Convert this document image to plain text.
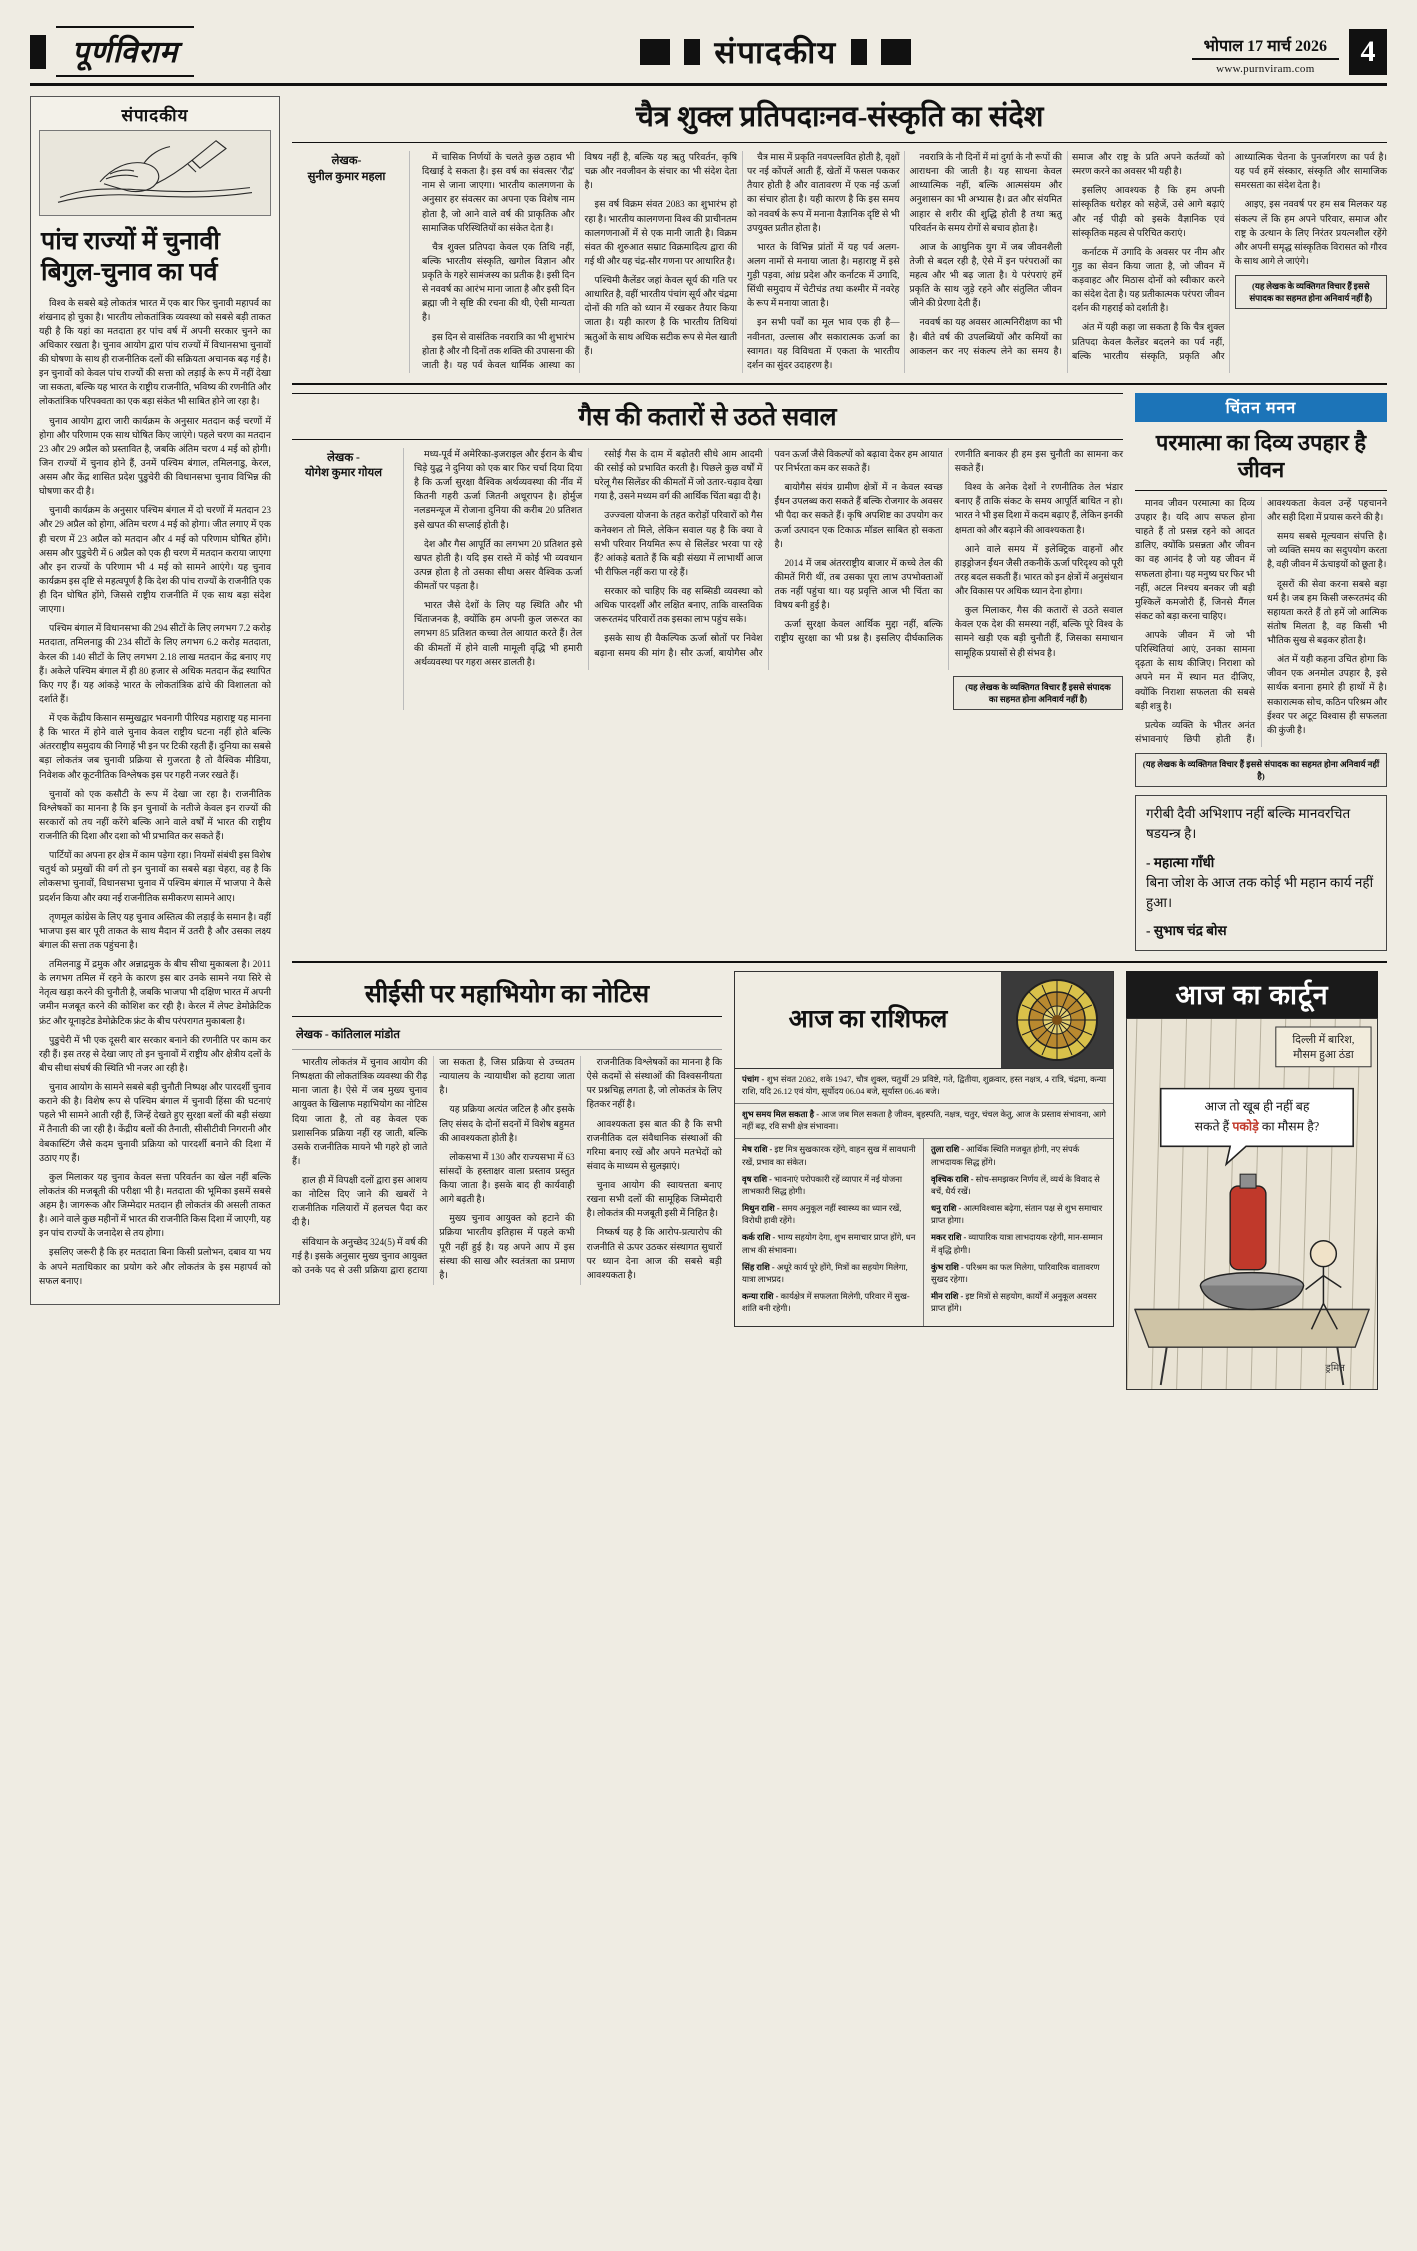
पूर्णविराम	संपादकीय	भोपाल 17 मार्च 2026
www.purnviram.com
4
संपादकीय
पांच राज्यों में चुनावी बिगुल-चुनाव का पर्व

विश्व के सबसे बड़े लोकतंत्र भारत में एक बार फिर चुनावी महापर्व का शंखनाद हो चुका है। भारतीय लोकतांत्रिक व्यवस्था को सबसे बड़ी ताकत यही है कि यहां का मतदाता हर पांच वर्ष में अपनी सरकार चुनने का अधिकार रखता है। चुनाव आयोग द्वारा पांच राज्यों में विधानसभा चुनावों की घोषणा के साथ ही राजनीतिक दलों की सक्रियता अचानक बढ़ गई है। इन चुनावों को केवल पांच राज्यों की सत्ता को लड़ाई के रूप में नहीं देखा जा सकता, बल्कि यह भारत के राष्ट्रीय राजनीति, भविष्य की रणनीति और लोकतांत्रिक परिपक्वता का एक बड़ा संकेत भी साबित होने जा रहा है।

चुनाव आयोग द्वारा जारी कार्यक्रम के अनुसार मतदान कई चरणों में होगा और परिणाम एक साथ घोषित किए जाएंगे। पहले चरण का मतदान 23 और 29 अप्रैल को प्रस्तावित है, जबकि अंतिम चरण 4 मई को होगी। जिन राज्यों में चुनाव होने हैं, उनमें पश्चिम बंगाल, तमिलनाडु, केरल, असम और केंद्र शासित प्रदेश पुडुचेरी की विधानसभा चुनाव विभिन्न की घोषणा कर दी है।

चुनावी कार्यक्रम के अनुसार पश्चिम बंगाल में दो चरणों में मतदान 23 और 29 अप्रैल को होगा, अंतिम चरण 4 मई को होगा। जीत लगाए में एक ही चरण में 23 अप्रैल को मतदान और 4 मई को परिणाम घोषित होंगे। असम और पुडुचेरी में 6 अप्रैल को एक ही चरण में मतदान कराया जाएगा और इन राज्यों के परिणाम भी 4 मई को सामने आएंगे। यह चुनाव कार्यक्रम इस दृष्टि से महत्वपूर्ण है कि देश की पांच राज्यों के राजनीति एक ही दिन घोषित होंगे, जिससे राष्ट्रीय राजनीति में एक साथ बड़ा संदेश जाएगा।

पश्चिम बंगाल में विधानसभा की 294 सीटों के लिए लगभग 7.2 करोड़ मतदाता, तमिलनाडु की 234 सीटों के लिए लगभग 6.2 करोड़ मतदाता, केरल की 140 सीटों के लिए लगभग 2.18 लाख मतदान केंद्र बनाए गए हैं। अकेले पश्चिम बंगाल में ही 80 हजार से अधिक मतदान केंद्र स्थापित किए गए हैं। यह आंकड़े भारत के लोकतांत्रिक ढांचे की विशालता को दर्शाते हैं।

में एक केंद्रीय किसान सम्मुखद्वार भवनागी पीरियड महाराष्ट्र यह मानना है कि भारत में होने वाले चुनाव केवल राष्ट्रीय घटना नहीं होते बल्कि अंतरराष्ट्रीय समुदाय की निगाहें भी इन पर टिकी रहती हैं। दुनिया का सबसे बड़ा लोकतंत्र जब चुनावी प्रक्रिया से गुजरता है तो वैश्विक मीडिया, निवेशक और कूटनीतिक विश्लेषक इस पर गहरी नजर रखते हैं।

चुनावों को एक कसौटी के रूप में देखा जा रहा है। राजनीतिक विश्लेषकों का मानना है कि इन चुनावों के नतीजे केवल इन राज्यों की सरकारों को तय नहीं करेंगे बल्कि आने वाले वर्षों में भारत की राष्ट्रीय राजनीति की दिशा और दशा को भी प्रभावित कर सकते हैं।

पार्टियों का अपना हर क्षेत्र में काम पड़ेगा रहा। नियमों संबंधी इस विशेष चतुर्थ को प्रमुखों की वर्ग तो इन चुनावों का सबसे बड़ा चेहरा, वह है कि लोकसभा चुनावों, विधानसभा चुनाव में पश्चिम बंगाल में भाजपा ने कैसे प्रदर्शन किया और क्या नई राजनीतिक समीकरण सामने आए।

तृणमूल कांग्रेस के लिए यह चुनाव अस्तित्व की लड़ाई के समान है। वहीं भाजपा इस बार पूरी ताकत के साथ मैदान में उतरी है और उसका लक्ष्य बंगाल की सत्ता तक पहुंचना है।

तमिलनाडु में द्रमुक और अन्नाद्रमुक के बीच सीधा मुकाबला है। 2011 के लगभग तमिल में रहने के कारण इस बार उनके सामने नया सिरे से नेतृत्व खड़ा करने की चुनौती है, जबकि भाजपा भी दक्षिण भारत में अपनी जमीन मजबूत करने की कोशिश कर रही है। केरल में लेफ्ट डेमोक्रेटिक फ्रंट और यूनाइटेड डेमोक्रेटिक फ्रंट के बीच परंपरागत मुकाबला है।

पुडुचेरी में भी एक दूसरी बार सरकार बनाने की रणनीति पर काम कर रही हैं। इस तरह से देखा जाए तो इन चुनावों में राष्ट्रीय और क्षेत्रीय दलों के बीच सीधा संघर्ष की स्थिति भी नजर आ रही है।

चुनाव आयोग के सामने सबसे बड़ी चुनौती निष्पक्ष और पारदर्शी चुनाव कराने की है। विशेष रूप से पश्चिम बंगाल में चुनावी हिंसा की घटनाएं पहले भी सामने आती रही हैं, जिन्हें देखते हुए सुरक्षा बलों की बड़ी संख्या में तैनाती की जा रही है। केंद्रीय बलों की तैनाती, सीसीटीवी निगरानी और वेबकास्टिंग जैसे कदम चुनावी प्रक्रिया को पारदर्शी बनाने की दिशा में उठाए गए हैं।

कुल मिलाकर यह चुनाव केवल सत्ता परिवर्तन का खेल नहीं बल्कि लोकतंत्र की मजबूती की परीक्षा भी है। मतदाता की भूमिका इसमें सबसे अहम है। जागरूक और जिम्मेदार मतदान ही लोकतंत्र की असली ताकत है। आने वाले कुछ महीनों में भारत की राजनीति किस दिशा में जाएगी, यह इन पांच राज्यों के जनादेश से तय होगा।

इसलिए जरूरी है कि हर मतदाता बिना किसी प्रलोभन, दबाव या भय के अपने मताधिकार का प्रयोग करे और लोकतंत्र के इस महापर्व को सफल बनाए।

चैत्र शुक्ल प्रतिपदाःनव-संस्कृति का संदेश
लेखक-
सुनील कुमार महला

में चासिक निर्णयों के चलते कुछ ठहाव भी दिखाई दे सकता है। इस वर्ष का संवत्सर 'रौद्र' नाम से जाना जाएगा। भारतीय कालगणना के अनुसार हर संवत्सर का अपना एक विशेष नाम होता है, जो आने वाले वर्ष की प्राकृतिक और सामाजिक परिस्थितियों का संकेत देता है।

चैत्र शुक्ल प्रतिपदा केवल एक तिथि नहीं, बल्कि भारतीय संस्कृति, खगोल विज्ञान और प्रकृति के गहरे सामंजस्य का प्रतीक है। इसी दिन से नववर्ष का आरंभ माना जाता है और इसी दिन ब्रह्मा जी ने सृष्टि की रचना की थी, ऐसी मान्यता है।

इस दिन से वासंतिक नवरात्रि का भी शुभारंभ होता है और नौ दिनों तक शक्ति की उपासना की जाती है। यह पर्व केवल धार्मिक आस्था का विषय नहीं है, बल्कि यह ऋतु परिवर्तन, कृषि चक्र और नवजीवन के संचार का भी संदेश देता है।

इस वर्ष विक्रम संवत 2083 का शुभारंभ हो रहा है। भारतीय कालगणना विश्व की प्राचीनतम कालगणनाओं में से एक मानी जाती है। विक्रम संवत की शुरुआत सम्राट विक्रमादित्य द्वारा की गई थी और यह चंद्र-सौर गणना पर आधारित है।

पश्चिमी कैलेंडर जहां केवल सूर्य की गति पर आधारित है, वहीं भारतीय पंचांग सूर्य और चंद्रमा दोनों की गति को ध्यान में रखकर तैयार किया जाता है। यही कारण है कि भारतीय तिथियां ऋतुओं के साथ अधिक सटीक रूप से मेल खाती हैं।

चैत्र मास में प्रकृति नवपल्लवित होती है, वृक्षों पर नई कोंपलें आती हैं, खेतों में फसल पककर तैयार होती है और वातावरण में एक नई ऊर्जा का संचार होता है। यही कारण है कि इस समय को नववर्ष के रूप में मनाना वैज्ञानिक दृष्टि से भी उपयुक्त प्रतीत होता है।

भारत के विभिन्न प्रांतों में यह पर्व अलग-अलग नामों से मनाया जाता है। महाराष्ट्र में इसे गुड़ी पड़वा, आंध्र प्रदेश और कर्नाटक में उगादि, सिंधी समुदाय में चेटीचंड तथा कश्मीर में नवरेह के रूप में मनाया जाता है।

इन सभी पर्वों का मूल भाव एक ही है—नवीनता, उल्लास और सकारात्मक ऊर्जा का स्वागत। यह विविधता में एकता के भारतीय दर्शन का सुंदर उदाहरण है।

नवरात्रि के नौ दिनों में मां दुर्गा के नौ रूपों की आराधना की जाती है। यह साधना केवल आध्यात्मिक नहीं, बल्कि आत्मसंयम और अनुशासन का भी अभ्यास है। व्रत और संयमित आहार से शरीर की शुद्धि होती है तथा ऋतु परिवर्तन के समय रोगों से बचाव होता है।

आज के आधुनिक युग में जब जीवनशैली तेजी से बदल रही है, ऐसे में इन परंपराओं का महत्व और भी बढ़ जाता है। ये परंपराएं हमें प्रकृति के साथ जुड़े रहने और संतुलित जीवन जीने की प्रेरणा देती हैं।

नववर्ष का यह अवसर आत्मनिरीक्षण का भी है। बीते वर्ष की उपलब्धियों और कमियों का आकलन कर नए संकल्प लेने का समय है। समाज और राष्ट्र के प्रति अपने कर्तव्यों को स्मरण करने का अवसर भी यही है।

इसलिए आवश्यक है कि हम अपनी सांस्कृतिक धरोहर को सहेजें, उसे आगे बढ़ाएं और नई पीढ़ी को इसके वैज्ञानिक एवं सांस्कृतिक महत्व से परिचित कराएं।

कर्नाटक में उगादि के अवसर पर नीम और गुड़ का सेवन किया जाता है, जो जीवन में कड़वाहट और मिठास दोनों को स्वीकार करने का संदेश देता है। यह प्रतीकात्मक परंपरा जीवन दर्शन की गहराई को दर्शाती है।

अंत में यही कहा जा सकता है कि चैत्र शुक्ल प्रतिपदा केवल कैलेंडर बदलने का पर्व नहीं, बल्कि भारतीय संस्कृति, प्रकृति और आध्यात्मिक चेतना के पुनर्जागरण का पर्व है। यह पर्व हमें संस्कार, संस्कृति और सामाजिक समरसता का संदेश देता है।

आइए, इस नववर्ष पर हम सब मिलकर यह संकल्प लें कि हम अपने परिवार, समाज और राष्ट्र के उत्थान के लिए निरंतर प्रयत्नशील रहेंगे और अपनी समृद्ध सांस्कृतिक विरासत को गौरव के साथ आगे ले जाएंगे।

(यह लेखक के व्यक्तिगत विचार हैं इससे संपादक का सहमत होना अनिवार्य नहीं है)
गैस की कतारों से उठते सवाल
लेखक -
योगेश कुमार गोयल

मध्य-पूर्व में अमेरिका-इजराइल और ईरान के बीच चिड़े युद्ध ने दुनिया को एक बार फिर चर्चा दिया दिया है कि ऊर्जा सुरक्षा वैश्विक अर्थव्यवस्था की नींव में कितनी गहरी ऊर्जा जितनी अधूरापन है। होर्मुज नलडमन्यूज में रोजाना दुनिया की करीब 20 प्रतिशत इसे खपत की सप्लाई होती है।

देश और गैस आपूर्ति का लगभग 20 प्रतिशत इसे खपत होती है। यदि इस रास्ते में कोई भी व्यवधान उत्पन्न होता है तो उसका सीधा असर वैश्विक ऊर्जा कीमतों पर पड़ता है।

भारत जैसे देशों के लिए यह स्थिति और भी चिंताजनक है, क्योंकि हम अपनी कुल जरूरत का लगभग 85 प्रतिशत कच्चा तेल आयात करते हैं। तेल की कीमतों में होने वाली मामूली वृद्धि भी हमारी अर्थव्यवस्था पर गहरा असर डालती है।

रसोई गैस के दाम में बढ़ोतरी सीधे आम आदमी की रसोई को प्रभावित करती है। पिछले कुछ वर्षों में घरेलू गैस सिलेंडर की कीमतों में जो उतार-चढ़ाव देखा गया है, उसने मध्यम वर्ग की आर्थिक चिंता बढ़ा दी है।

उज्ज्वला योजना के तहत करोड़ों परिवारों को गैस कनेक्शन तो मिले, लेकिन सवाल यह है कि क्या वे सभी परिवार नियमित रूप से सिलेंडर भरवा पा रहे हैं? आंकड़े बताते हैं कि बड़ी संख्या में लाभार्थी आज भी रीफिल नहीं करा पा रहे हैं।

सरकार को चाहिए कि वह सब्सिडी व्यवस्था को अधिक पारदर्शी और लक्षित बनाए, ताकि वास्तविक जरूरतमंद परिवारों तक इसका लाभ पहुंच सके।

इसके साथ ही वैकल्पिक ऊर्जा स्रोतों पर निवेश बढ़ाना समय की मांग है। सौर ऊर्जा, बायोगैस और पवन ऊर्जा जैसे विकल्पों को बढ़ावा देकर हम आयात पर निर्भरता कम कर सकते हैं।

बायोगैस संयंत्र ग्रामीण क्षेत्रों में न केवल स्वच्छ ईंधन उपलब्ध करा सकते हैं बल्कि रोजगार के अवसर भी पैदा कर सकते हैं। कृषि अपशिष्ट का उपयोग कर ऊर्जा उत्पादन एक टिकाऊ मॉडल साबित हो सकता है।

2014 में जब अंतरराष्ट्रीय बाजार में कच्चे तेल की कीमतें गिरी थीं, तब उसका पूरा लाभ उपभोक्ताओं तक नहीं पहुंचा था। यह प्रवृत्ति आज भी चिंता का विषय बनी हुई है।

ऊर्जा सुरक्षा केवल आर्थिक मुद्दा नहीं, बल्कि राष्ट्रीय सुरक्षा का भी प्रश्न है। इसलिए दीर्घकालिक रणनीति बनाकर ही हम इस चुनौती का सामना कर सकते हैं।

विश्व के अनेक देशों ने रणनीतिक तेल भंडार बनाए हैं ताकि संकट के समय आपूर्ति बाधित न हो। भारत ने भी इस दिशा में कदम बढ़ाए हैं, लेकिन इनकी क्षमता को और बढ़ाने की आवश्यकता है।

आने वाले समय में इलेक्ट्रिक वाहनों और हाइड्रोजन ईंधन जैसी तकनीकें ऊर्जा परिदृश्य को पूरी तरह बदल सकती हैं। भारत को इन क्षेत्रों में अनुसंधान और विकास पर अधिक ध्यान देना होगा।

कुल मिलाकर, गैस की कतारों से उठते सवाल केवल एक देश की समस्या नहीं, बल्कि पूरे विश्व के सामने खड़ी एक बड़ी चुनौती हैं, जिसका समाधान सामूहिक प्रयासों से ही संभव है।

(यह लेखक के व्यक्तिगत विचार हैं इससे संपादक का सहमत होना अनिवार्य नहीं है)
चिंतन मनन
परमात्मा का दिव्य उपहार है जीवन

मानव जीवन परमात्मा का दिव्य उपहार है। यदि आप सफल होना चाहते हैं तो प्रसन्न रहने को आदत डालिए, क्योंकि प्रसन्नता और जीवन का वह आनंद है जो यह जीवन में सफलता होना। यह मनुष्य घर फिर भी नहीं, अटल निश्चय बनकर जी बड़ी मुश्किलें कमजोरी हैं, जिनसे मैंगल संकट को बड़ा करना चाहिए।

आपके जीवन में जो भी परिस्थितियां आएं, उनका सामना दृढ़ता के साथ कीजिए। निराशा को अपने मन में स्थान मत दीजिए, क्योंकि निराशा सफलता की सबसे बड़ी शत्रु है।

प्रत्येक व्यक्ति के भीतर अनंत संभावनाएं छिपी होती हैं। आवश्यकता केवल उन्हें पहचानने और सही दिशा में प्रयास करने की है।

समय सबसे मूल्यवान संपत्ति है। जो व्यक्ति समय का सदुपयोग करता है, वही जीवन में ऊंचाइयों को छूता है।

दूसरों की सेवा करना सबसे बड़ा धर्म है। जब हम किसी जरूरतमंद की सहायता करते हैं तो हमें जो आत्मिक संतोष मिलता है, वह किसी भी भौतिक सुख से बढ़कर होता है।

अंत में यही कहना उचित होगा कि जीवन एक अनमोल उपहार है, इसे सार्थक बनाना हमारे ही हाथों में है। सकारात्मक सोच, कठिन परिश्रम और ईश्वर पर अटूट विश्वास ही सफलता की कुंजी है।

(यह लेखक के व्यक्तिगत विचार हैं इससे संपादक का सहमत होना अनिवार्य नहीं है)
गरीबी दैवी अभिशाप नहीं बल्कि मानवरचित षडयन्त्र है।
- महात्मा गाँधी
बिना जोश के आज तक कोई भी महान कार्य नहीं हुआ।
- सुभाष चंद्र बोस
सीईसी पर महाभियोग का नोटिस
लेखक - कांतिलाल मांडोत

भारतीय लोकतंत्र में चुनाव आयोग की निष्पक्षता की लोकतांत्रिक व्यवस्था की रीढ़ माना जाता है। ऐसे में जब मुख्य चुनाव आयुक्त के खिलाफ महाभियोग का नोटिस दिया जाता है, तो वह केवल एक प्रशासनिक प्रक्रिया नहीं रह जाती, बल्कि उसके राजनीतिक मायने भी गहरे हो जाते हैं।

हाल ही में विपक्षी दलों द्वारा इस आशय का नोटिस दिए जाने की खबरों ने राजनीतिक गलियारों में हलचल पैदा कर दी है।

संविधान के अनुच्छेद 324(5) में वर्ष की गई है। इसके अनुसार मुख्य चुनाव आयुक्त को उनके पद से उसी प्रक्रिया द्वारा हटाया जा सकता है, जिस प्रक्रिया से उच्चतम न्यायालय के न्यायाधीश को हटाया जाता है।

यह प्रक्रिया अत्यंत जटिल है और इसके लिए संसद के दोनों सदनों में विशेष बहुमत की आवश्यकता होती है।

लोकसभा में 130 और राज्यसभा में 63 सांसदों के हस्ताक्षर वाला प्रस्ताव प्रस्तुत किया जाता है। इसके बाद ही कार्यवाही आगे बढ़ती है।

मुख्य चुनाव आयुक्त को हटाने की प्रक्रिया भारतीय इतिहास में पहले कभी पूरी नहीं हुई है। यह अपने आप में इस संस्था की साख और स्वतंत्रता का प्रमाण है।

राजनीतिक विश्लेषकों का मानना है कि ऐसे कदमों से संस्थाओं की विश्वसनीयता पर प्रश्नचिह्न लगता है, जो लोकतंत्र के लिए हितकर नहीं है।

आवश्यकता इस बात की है कि सभी राजनीतिक दल संवैधानिक संस्थाओं की गरिमा बनाए रखें और अपने मतभेदों को संवाद के माध्यम से सुलझाएं।

चुनाव आयोग की स्वायत्तता बनाए रखना सभी दलों की सामूहिक जिम्मेदारी है। लोकतंत्र की मजबूती इसी में निहित है।

निष्कर्ष यह है कि आरोप-प्रत्यारोप की राजनीति से ऊपर उठकर संस्थागत सुधारों पर ध्यान देना आज की सबसे बड़ी आवश्यकता है।

आज का राशिफल
पंचांग - शुभ संवत 2082, शके 1947, चौत्र शुक्ल, चतुर्थी 29 प्रविष्टे, गते, द्वितीया, शुक्रवार, हस्त नक्षत्र, 4 रात्रि, चंद्रमा, कन्या राशि, यदि 26.12 एवं योग, सूर्योदय 06.04 बजे, सूर्यास्त 06.46 बजे।
शुभ समय मिल सकता है - आज जब मिल सकता है जीवन, बृहस्पति, नक्षत्र, चतुर, चंचल केतु, आज के प्रस्ताव संभावना, आगे नहीं बढ़, रवि सभी क्षेत्र संभावना।
मेष राशि - इष्ट मित्र सुखकारक रहेंगे, वाहन सुख में सावधानी रखें, प्रभाव का संकेत।
वृष राशि - भावनाएं परोपकारी रहें व्यापार में नई योजना लाभकारी सिद्ध होगी।
मिथुन राशि - समय अनुकूल नहीं स्वास्थ्य का ध्यान रखें, विरोधी हावी रहेंगे।
कर्क राशि - भाग्य सहयोग देगा, शुभ समाचार प्राप्त होंगे, धन लाभ की संभावना।
सिंह राशि - अधूरे कार्य पूरे होंगे, मित्रों का सहयोग मिलेगा, यात्रा लाभप्रद।
कन्या राशि - कार्यक्षेत्र में सफलता मिलेगी, परिवार में सुख-शांति बनी रहेगी।
तुला राशि - आर्थिक स्थिति मजबूत होगी, नए संपर्क लाभदायक सिद्ध होंगे।
वृश्चिक राशि - सोच-समझकर निर्णय लें, व्यर्थ के विवाद से बचें, धैर्य रखें।
धनु राशि - आत्मविश्वास बढ़ेगा, संतान पक्ष से शुभ समाचार प्राप्त होगा।
मकर राशि - व्यापारिक यात्रा लाभदायक रहेगी, मान-सम्मान में वृद्धि होगी।
कुंभ राशि - परिश्रम का फल मिलेगा, पारिवारिक वातावरण सुखद रहेगा।
मीन राशि - इष्ट मित्रों से सहयोग, कार्यों में अनुकूल अवसर प्राप्त होंगे।
आज का कार्टून
दिल्ली में बारिश,
मौसम हुआ ठंडा
आज तो खूब ही नहीं बह
सकते हैं पकोड़े का मौसम है?
ड्रमित
